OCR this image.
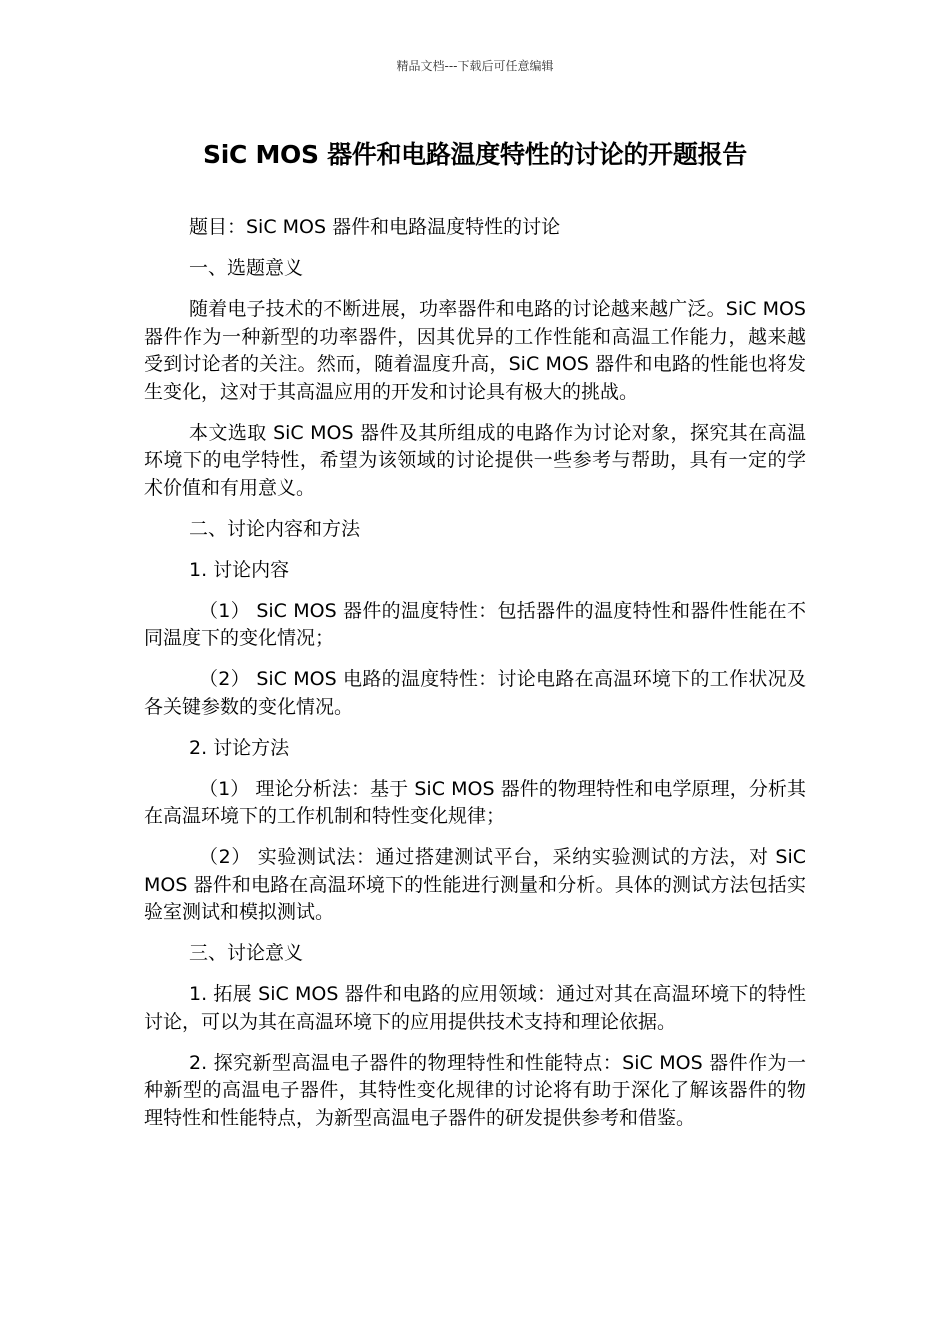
精品文档---下载后可任意编辑
SiC MOS 器件和电路温度特性的讨论的开题报告

题目：SiC MOS 器件和电路温度特性的讨论

一、选题意义

随着电子技术的不断进展，功率器件和电路的讨论越来越广泛。SiC MOS 器件作为一种新型的功率器件，因其优异的工作性能和高温工作能力，越来越受到讨论者的关注。然而，随着温度升高，SiC MOS 器件和电路的性能也将发生变化，这对于其高温应用的开发和讨论具有极大的挑战。

本文选取 SiC MOS 器件及其所组成的电路作为讨论对象，探究其在高温环境下的电学特性，希望为该领域的讨论提供一些参考与帮助，具有一定的学术价值和有用意义。

二、讨论内容和方法

1. 讨论内容

（1） SiC MOS 器件的温度特性：包括器件的温度特性和器件性能在不同温度下的变化情况；

（2） SiC MOS 电路的温度特性：讨论电路在高温环境下的工作状况及各关键参数的变化情况。

2. 讨论方法

（1） 理论分析法：基于 SiC MOS 器件的物理特性和电学原理，分析其在高温环境下的工作机制和特性变化规律；

（2） 实验测试法：通过搭建测试平台，采纳实验测试的方法，对 SiC MOS 器件和电路在高温环境下的性能进行测量和分析。具体的测试方法包括实验室测试和模拟测试。

三、讨论意义

1. 拓展 SiC MOS 器件和电路的应用领域：通过对其在高温环境下的特性讨论，可以为其在高温环境下的应用提供技术支持和理论依据。

2. 探究新型高温电子器件的物理特性和性能特点：SiC MOS 器件作为一种新型的高温电子器件，其特性变化规律的讨论将有助于深化了解该器件的物理特性和性能特点，为新型高温电子器件的研发提供参考和借鉴。
